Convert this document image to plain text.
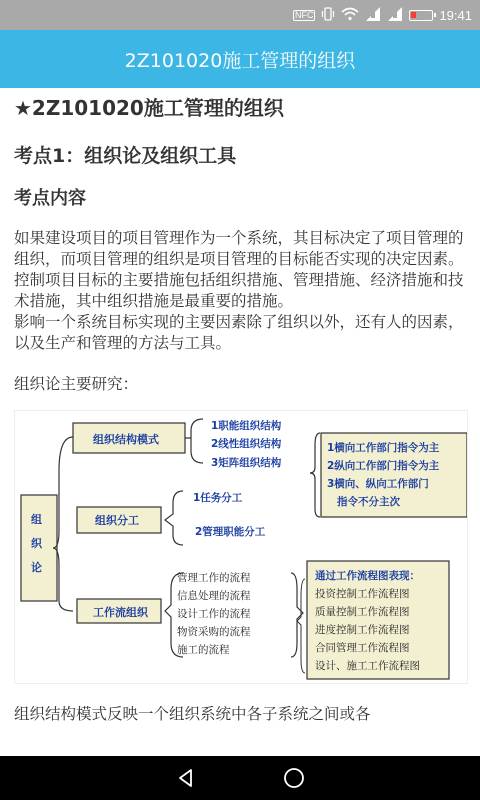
NFC	19:41
2Z101020施工管理的组织
★2Z101020施工管理的组织
考点1：组织论及组织工具
考点内容
如果建设项目的项目管理作为一个系统，其目标决定了项目管理的组织，而项目管理的组织是项目管理的目标能否实现的决定因素。
控制项目目标的主要措施包括组织措施、管理措施、经济措施和技术措施，其中组织措施是最重要的措施。
影响一个系统目标实现的主要因素除了组织以外，还有人的因素，以及生产和管理的方法与工具。
组织论主要研究：
组
织
论
组织结构模式
1职能组织结构
2线性组织结构
3矩阵组织结构
1横向工作部门指令为主
2纵向工作部门指令为主
3横向、纵向工作部门
指令不分主次
组织分工
1任务分工
2管理职能分工
工作流组织
管理工作的流程
信息处理的流程
设计工作的流程
物资采购的流程
施工的流程
通过工作流程图表现：
投资控制工作流程图
质量控制工作流程图
进度控制工作流程图
合同管理工作流程图
设计、施工工作流程图
组织结构模式反映一个组织系统中各子系统之间或各
微云com
